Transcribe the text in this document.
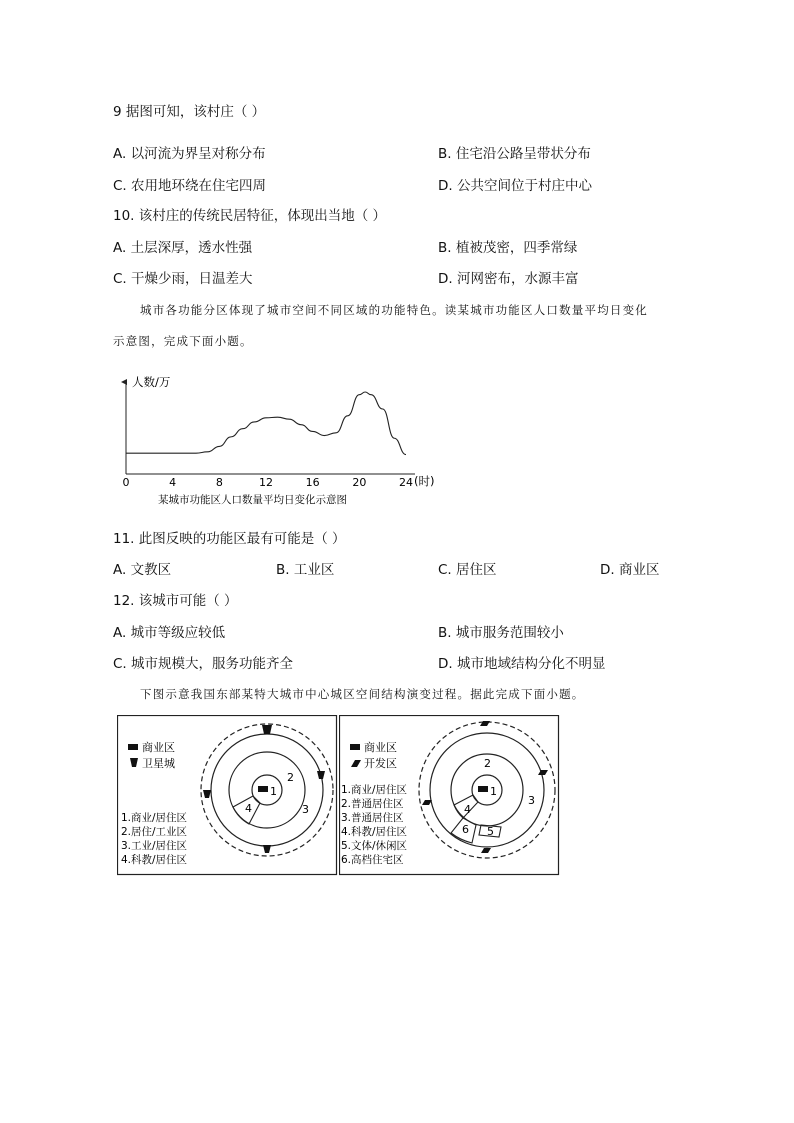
9 据图可知，该村庄（ ）
A. 以河流为界呈对称分布	B. 住宅沿公路呈带状分布
C. 农用地环绕在住宅四周	D. 公共空间位于村庄中心
10. 该村庄的传统民居特征，体现出当地（ ）
A. 土层深厚，透水性强	B. 植被茂密，四季常绿
C. 干燥少雨，日温差大	D. 河网密布，水源丰富
城市各功能分区体现了城市空间不同区域的功能特色。读某城市功能区人口数量平均日变化
示意图，完成下面小题。
人数/万
(时)
0	4	8	12	16	20	24
某城市功能区人口数量平均日变化示意图
11. 此图反映的功能区最有可能是（ ）
A. 文教区	B. 工业区	C. 居住区	D. 商业区
12. 该城市可能（ ）
A. 城市等级应较低	B. 城市服务范围较小
C. 城市规模大，服务功能齐全	D. 城市地域结构分化不明显
下图示意我国东部某特大城市中心城区空间结构演变过程。据此完成下面小题。
商业区
卫星城
1.商业/居住区
2.居住/工业区
3.工业/居住区
4.科教/居住区
1
2
3
4
商业区
开发区
1.商业/居住区
2.普通居住区
3.普通居住区
4.科教/居住区
5.文体/休闲区
6.高档住宅区
1
2
3
4
5
6
